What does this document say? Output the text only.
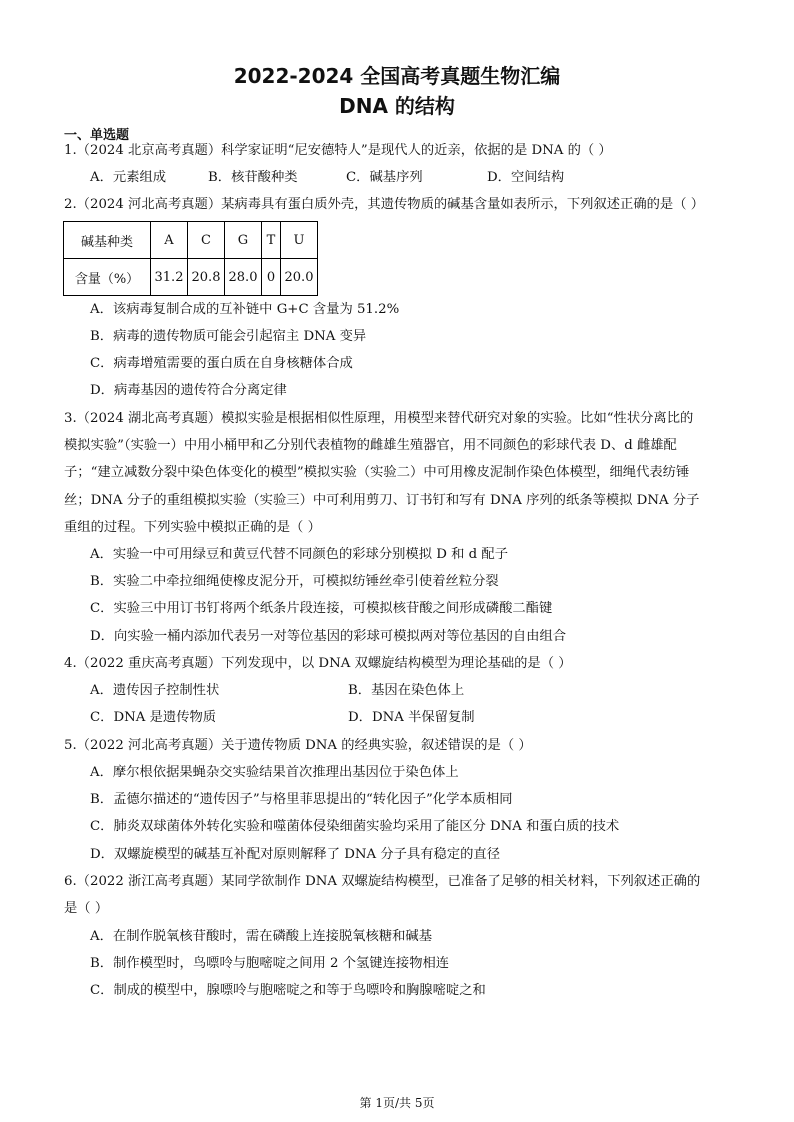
2022-2024 全国高考真题生物汇编
DNA 的结构
一、单选题
1.（2024 北京高考真题）科学家证明“尼安德特人”是现代人的近亲，依据的是 DNA 的（ ）
A．元素组成	B．核苷酸种类	C．碱基序列	D．空间结构
2.（2024 河北高考真题）某病毒具有蛋白质外壳，其遗传物质的碱基含量如表所示，下列叙述正确的是（ ）
碱基种类	A	C	G	T	U
含量（%）	31.2	20.8	28.0	0	20.0
A．该病毒复制合成的互补链中 G+C 含量为 51.2%
B．病毒的遗传物质可能会引起宿主 DNA 变异
C．病毒增殖需要的蛋白质在自身核糖体合成
D．病毒基因的遗传符合分离定律
3.（2024 湖北高考真题）模拟实验是根据相似性原理，用模型来替代研究对象的实验。比如“性状分离比的
模拟实验”（实验一）中用小桶甲和乙分别代表植物的雌雄生殖器官，用不同颜色的彩球代表 D、d 雌雄配
子；“建立减数分裂中染色体变化的模型”模拟实验（实验二）中可用橡皮泥制作染色体模型，细绳代表纺锤
丝；DNA 分子的重组模拟实验（实验三）中可利用剪刀、订书钉和写有 DNA 序列的纸条等模拟 DNA 分子
重组的过程。下列实验中模拟正确的是（ ）
A．实验一中可用绿豆和黄豆代替不同颜色的彩球分别模拟 D 和 d 配子
B．实验二中牵拉细绳使橡皮泥分开，可模拟纺锤丝牵引使着丝粒分裂
C．实验三中用订书钉将两个纸条片段连接，可模拟核苷酸之间形成磷酸二酯键
D．向实验一桶内添加代表另一对等位基因的彩球可模拟两对等位基因的自由组合
4.（2022 重庆高考真题）下列发现中，以 DNA 双螺旋结构模型为理论基础的是（ ）
A．遗传因子控制性状	B．基因在染色体上
C．DNA 是遗传物质	D．DNA 半保留复制
5.（2022 河北高考真题）关于遗传物质 DNA 的经典实验，叙述错误的是（ ）
A．摩尔根依据果蝇杂交实验结果首次推理出基因位于染色体上
B．孟德尔描述的“遗传因子”与格里菲思提出的“转化因子”化学本质相同
C．肺炎双球菌体外转化实验和噬菌体侵染细菌实验均采用了能区分 DNA 和蛋白质的技术
D．双螺旋模型的碱基互补配对原则解释了 DNA 分子具有稳定的直径
6.（2022 浙江高考真题）某同学欲制作 DNA 双螺旋结构模型，已准备了足够的相关材料，下列叙述正确的
是（ ）
A．在制作脱氧核苷酸时，需在磷酸上连接脱氧核糖和碱基
B．制作模型时，鸟嘌呤与胞嘧啶之间用 2 个氢键连接物相连
C．制成的模型中，腺嘌呤与胞嘧啶之和等于鸟嘌呤和胸腺嘧啶之和
第 1页/共 5页
